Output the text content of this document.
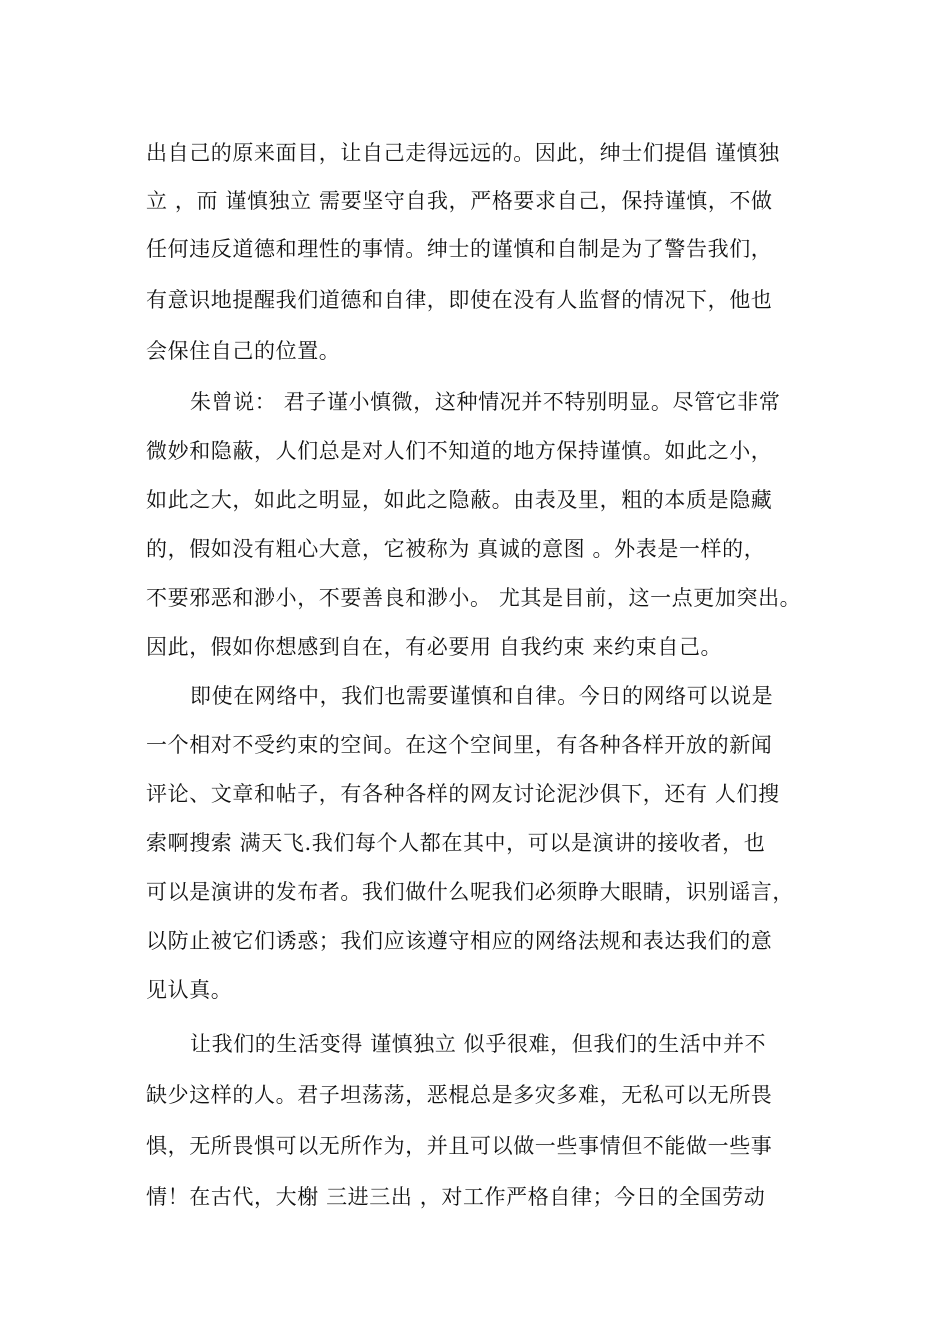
出自己的原来面目，让自己走得远远的。因此，绅士们提倡 谨慎独
立 ，而 谨慎独立 需要坚守自我，严格要求自己，保持谨慎，不做
任何违反道德和理性的事情。绅士的谨慎和自制是为了警告我们，
有意识地提醒我们道德和自律，即使在没有人监督的情况下，他也
会保住自己的位置。
朱曾说： 君子谨小慎微，这种情况并不特别明显。尽管它非常
微妙和隐蔽，人们总是对人们不知道的地方保持谨慎。如此之小，
如此之大，如此之明显，如此之隐蔽。由表及里，粗的本质是隐藏
的，假如没有粗心大意，它被称为 真诚的意图 。外表是一样的，
不要邪恶和渺小，不要善良和渺小。 尤其是目前，这一点更加突出。
因此，假如你想感到自在，有必要用 自我约束 来约束自己。
即使在网络中，我们也需要谨慎和自律。今日的网络可以说是
一个相对不受约束的空间。在这个空间里，有各种各样开放的新闻
评论、文章和帖子，有各种各样的网友讨论泥沙俱下，还有 人们搜
索啊搜索 满天飞.我们每个人都在其中，可以是演讲的接收者，也
可以是演讲的发布者。我们做什么呢我们必须睁大眼睛，识别谣言，
以防止被它们诱惑；我们应该遵守相应的网络法规和表达我们的意
见认真。
让我们的生活变得 谨慎独立 似乎很难，但我们的生活中并不
缺少这样的人。君子坦荡荡，恶棍总是多灾多难，无私可以无所畏
惧，无所畏惧可以无所作为，并且可以做一些事情但不能做一些事
情！在古代，大榭 三进三出 ，对工作严格自律；今日的全国劳动
